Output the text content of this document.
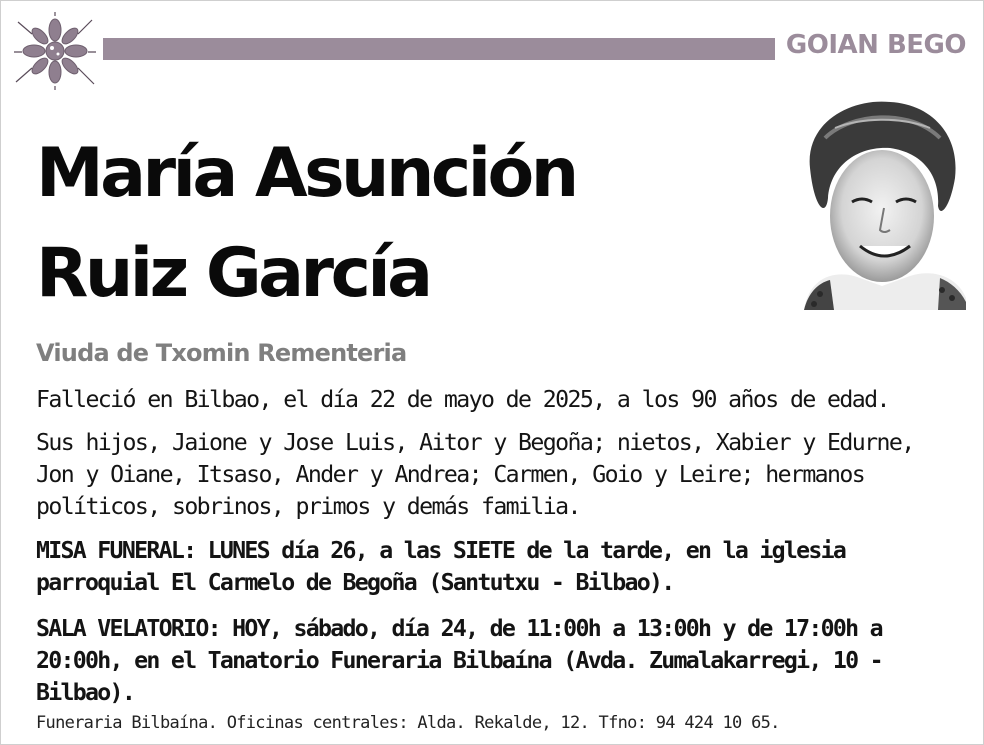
GOIAN BEGO
María Asunción
Ruiz García
Viuda de Txomin Rementeria
Falleció en Bilbao, el día 22 de mayo de 2025, a los 90 años de edad.
Sus hijos, Jaione y Jose Luis, Aitor y Begoña; nietos, Xabier y Edurne, Jon y Oiane, Itsaso, Ander y Andrea; Carmen, Goio y Leire; hermanos políticos, sobrinos, primos y demás familia.
MISA FUNERAL: LUNES día 26, a las SIETE de la tarde, en la iglesia parroquial El Carmelo de Begoña (Santutxu - Bilbao).
SALA VELATORIO: HOY, sábado, día 24, de 11:00h a 13:00h y de 17:00h a 20:00h, en el Tanatorio Funeraria Bilbaína (Avda. Zumalakarregi, 10 - Bilbao).
Funeraria Bilbaína. Oficinas centrales: Alda. Rekalde, 12. Tfno: 94 424 10 65.
